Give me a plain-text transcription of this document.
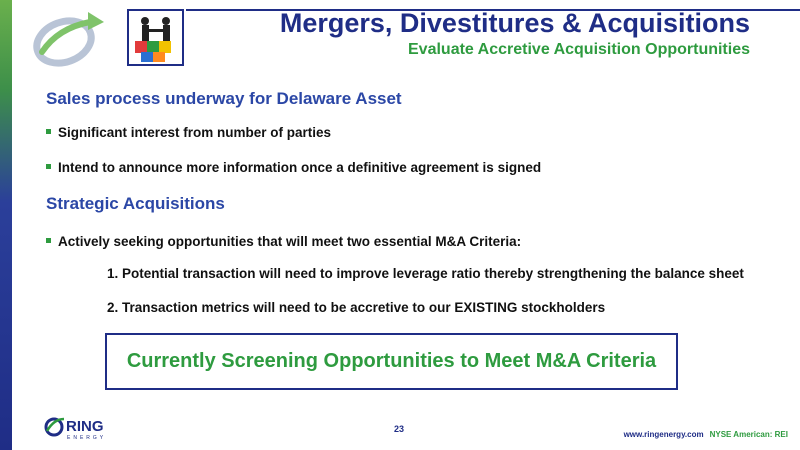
Mergers, Divestitures & Acquisitions
Evaluate Accretive Acquisition Opportunities
Sales process underway for Delaware Asset

Significant interest from number of parties

Intend to announce more information once a definitive agreement is signed

Strategic Acquisitions

Actively seeking opportunities that will meet two essential M&A Criteria:

1. Potential transaction will need to improve leverage ratio thereby strengthening the balance sheet

2. Transaction metrics will need to be accretive to our EXISTING stockholders

Currently Screening Opportunities to Meet M&A Criteria
RING
ENERGY
23
www.ringenergy.com NYSE American: REI
